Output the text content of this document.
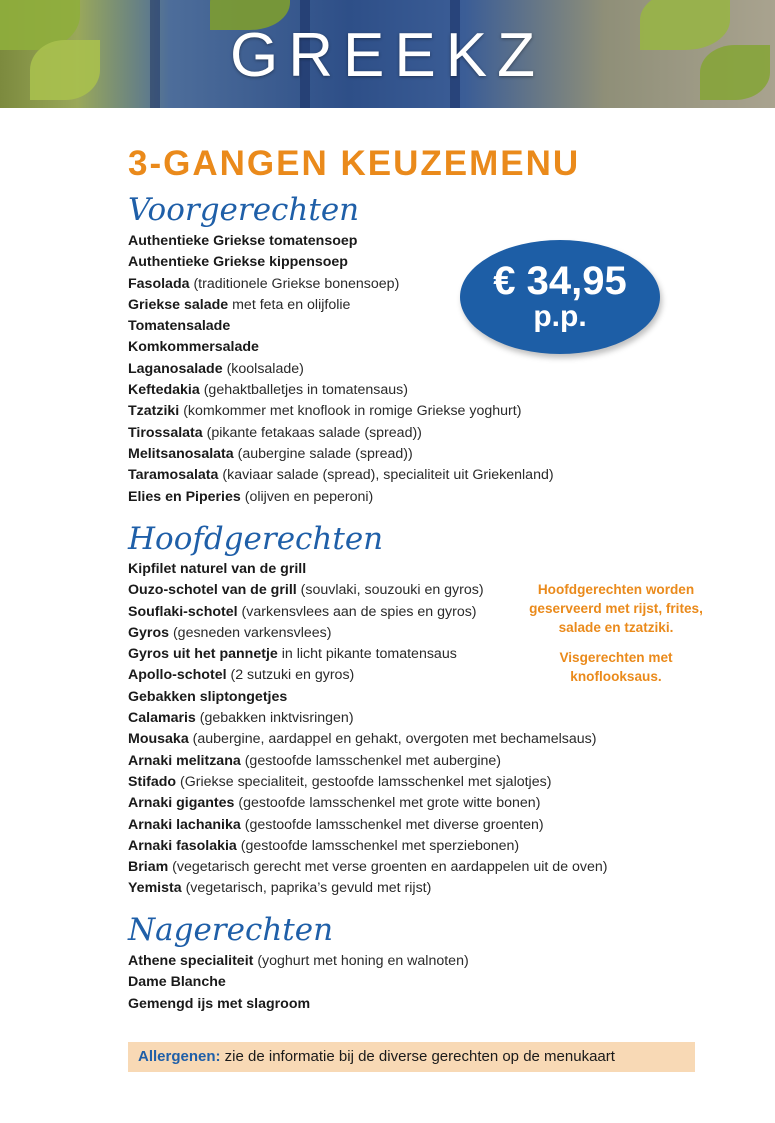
GREEKZ
3-GANGEN KEUZEMENU
Voorgerechten
Authentieke Griekse tomatensoep
Authentieke Griekse kippensoep
Fasolada (traditionele Griekse bonensoep)
Griekse salade met feta en olijfolie
Tomatensalade
Komkommersalade
Laganosalade (koolsalade)
Keftedakia (gehaktballetjes in tomatensaus)
Tzatziki (komkommer met knoflook in romige Griekse yoghurt)
Tirossalata (pikante fetakaas salade (spread))
Melitsanosalata (aubergine salade (spread))
Taramosalata (kaviaar salade (spread), specialiteit uit Griekenland)
Elies en Piperies (olijven en peperoni)
€ 34,95
p.p.
Hoofdgerechten
Kipfilet naturel van de grill
Ouzo-schotel van de grill (souvlaki, souzouki en gyros)
Souflaki-schotel (varkensvlees aan de spies en gyros)
Gyros (gesneden varkensvlees)
Gyros uit het pannetje in licht pikante tomatensaus
Apollo-schotel (2 sutzuki en gyros)
Gebakken sliptongetjes
Calamaris (gebakken inktvisringen)
Mousaka (aubergine, aardappel en gehakt, overgoten met bechamelsaus)
Arnaki melitzana (gestoofde lamsschenkel met aubergine)
Stifado (Griekse specialiteit, gestoofde lamsschenkel met sjalotjes)
Arnaki gigantes (gestoofde lamsschenkel met grote witte bonen)
Arnaki lachanika (gestoofde lamsschenkel met diverse groenten)
Arnaki fasolakia (gestoofde lamsschenkel met sperziebonen)
Briam (vegetarisch gerecht met verse groenten en aardappelen uit de oven)
Yemista (vegetarisch, paprika’s gevuld met rijst)
Hoofdgerechten worden geserveerd met rijst, frites, salade en tzatziki.
Visgerechten met knoflooksaus.
Nagerechten
Athene specialiteit (yoghurt met honing en walnoten)
Dame Blanche
Gemengd ijs met slagroom
Allergenen: zie de informatie bij de diverse gerechten op de menukaart
